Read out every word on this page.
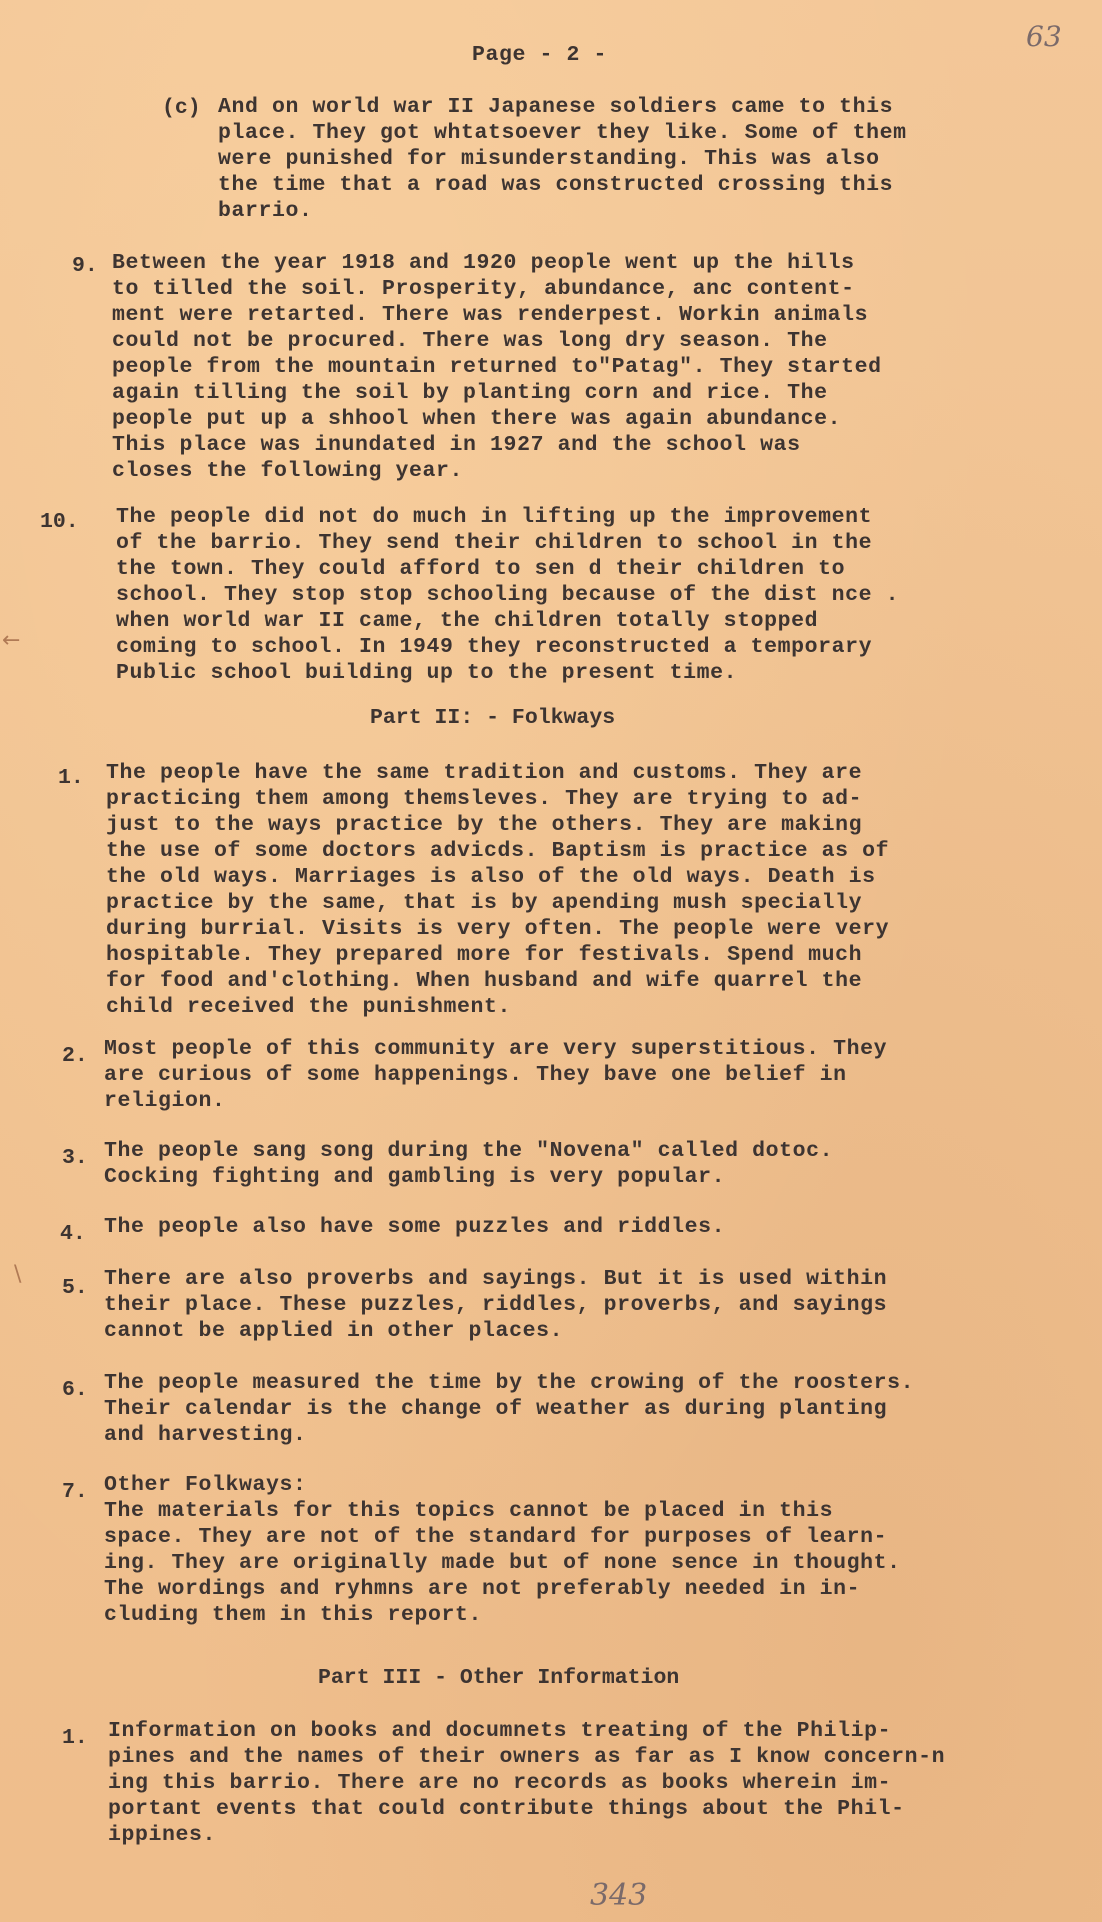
Page - 2 -
63
(c) And on world war II Japanese soldiers came to this
place. They got whtatsoever they like. Some of them
were punished for misunderstanding. This was also
the time that a road was constructed crossing this
barrio.
9. Between the year 1918 and 1920 people went up the hills
to tilled the soil. Prosperity, abundance, anc content-
ment were retarted. There was renderpest. Workin animals
could not be procured. There was long dry season. The
people from the mountain returned to"Patag". They started
again tilling the soil by planting corn and rice. The
people put up a shhool when there was again abundance.
This place was inundated in 1927 and the school was
closes the following year.
10. The people did not do much in lifting up the improvement
of the barrio. They send their children to school in the
the town. They could afford to sen d their children to
school. They stop stop schooling because of the dist nce .
when world war II came, the children totally stopped
coming to school. In 1949 they reconstructed a temporary
Public school building up to the present time.
←
Part II: - Folkways
1. The people have the same tradition and customs. They are
practicing them among themsleves. They are trying to ad-
just to the ways practice by the others. They are making
the use of some doctors advicds. Baptism is practice as of
the old ways. Marriages is also of the old ways. Death is
practice by the same, that is by apending mush specially
during burrial. Visits is very often. The people were very
hospitable. They prepared more for festivals. Spend much
for food and'clothing. When husband and wife quarrel the
child received the punishment.
2. Most people of this community are very superstitious. They
are curious of some happenings. They bave one belief in
religion.
3. The people sang song during the "Novena" called dotoc.
Cocking fighting and gambling is very popular.
4. The people also have some puzzles and riddles.
\
5. There are also proverbs and sayings. But it is used within
their place. These puzzles, riddles, proverbs, and sayings
cannot be applied in other places.
6. The people measured the time by the crowing of the roosters.
Their calendar is the change of weather as during planting
and harvesting.
7. Other Folkways:
The materials for this topics cannot be placed in this
space. They are not of the standard for purposes of learn-
ing. They are originally made but of none sence in thought.
The wordings and ryhmns are not preferably needed in in-
cluding them in this report.
Part III - Other Information
1. Information on books and documnets treating of the Philip-
pines and the names of their owners as far as I know concern-n
ing this barrio. There are no records as books wherein im-
portant events that could contribute things about the Phil-
ippines.
343
